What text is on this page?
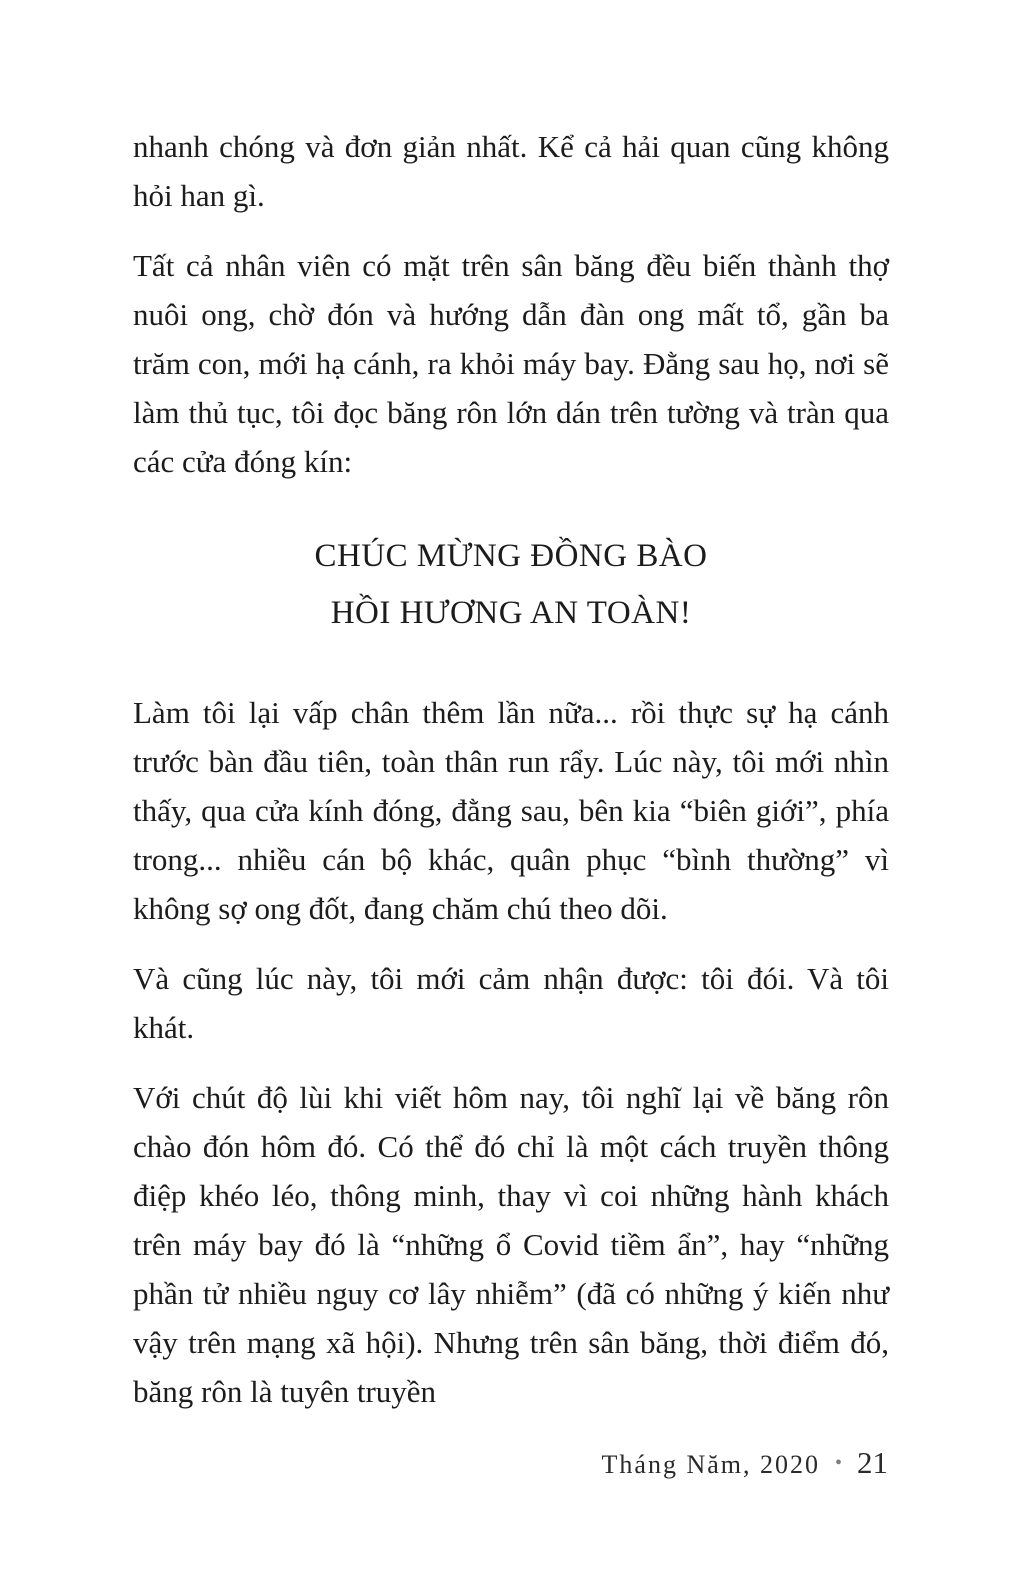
nhanh chóng và đơn giản nhất. Kể cả hải quan cũng không hỏi han gì.

Tất cả nhân viên có mặt trên sân băng đều biến thành thợ nuôi ong, chờ đón và hướng dẫn đàn ong mất tổ, gần ba trăm con, mới hạ cánh, ra khỏi máy bay. Đằng sau họ, nơi sẽ làm thủ tục, tôi đọc băng rôn lớn dán trên tường và tràn qua các cửa đóng kín:

CHÚC MỪNG ĐỒNG BÀO
HỒI HƯƠNG AN TOÀN!

Làm tôi lại vấp chân thêm lần nữa... rồi thực sự hạ cánh trước bàn đầu tiên, toàn thân run rẩy. Lúc này, tôi mới nhìn thấy, qua cửa kính đóng, đằng sau, bên kia “biên giới”, phía trong... nhiều cán bộ khác, quân phục “bình thường” vì không sợ ong đốt, đang chăm chú theo dõi.

Và cũng lúc này, tôi mới cảm nhận được: tôi đói. Và tôi khát.

Với chút độ lùi khi viết hôm nay, tôi nghĩ lại về băng rôn chào đón hôm đó. Có thể đó chỉ là một cách truyền thông điệp khéo léo, thông minh, thay vì coi những hành khách trên máy bay đó là “những ổ Covid tiềm ẩn”, hay “những phần tử nhiều nguy cơ lây nhiễm” (đã có những ý kiến như vậy trên mạng xã hội). Nhưng trên sân băng, thời điểm đó, băng rôn là tuyên truyền

Tháng Năm, 2020 • 21
